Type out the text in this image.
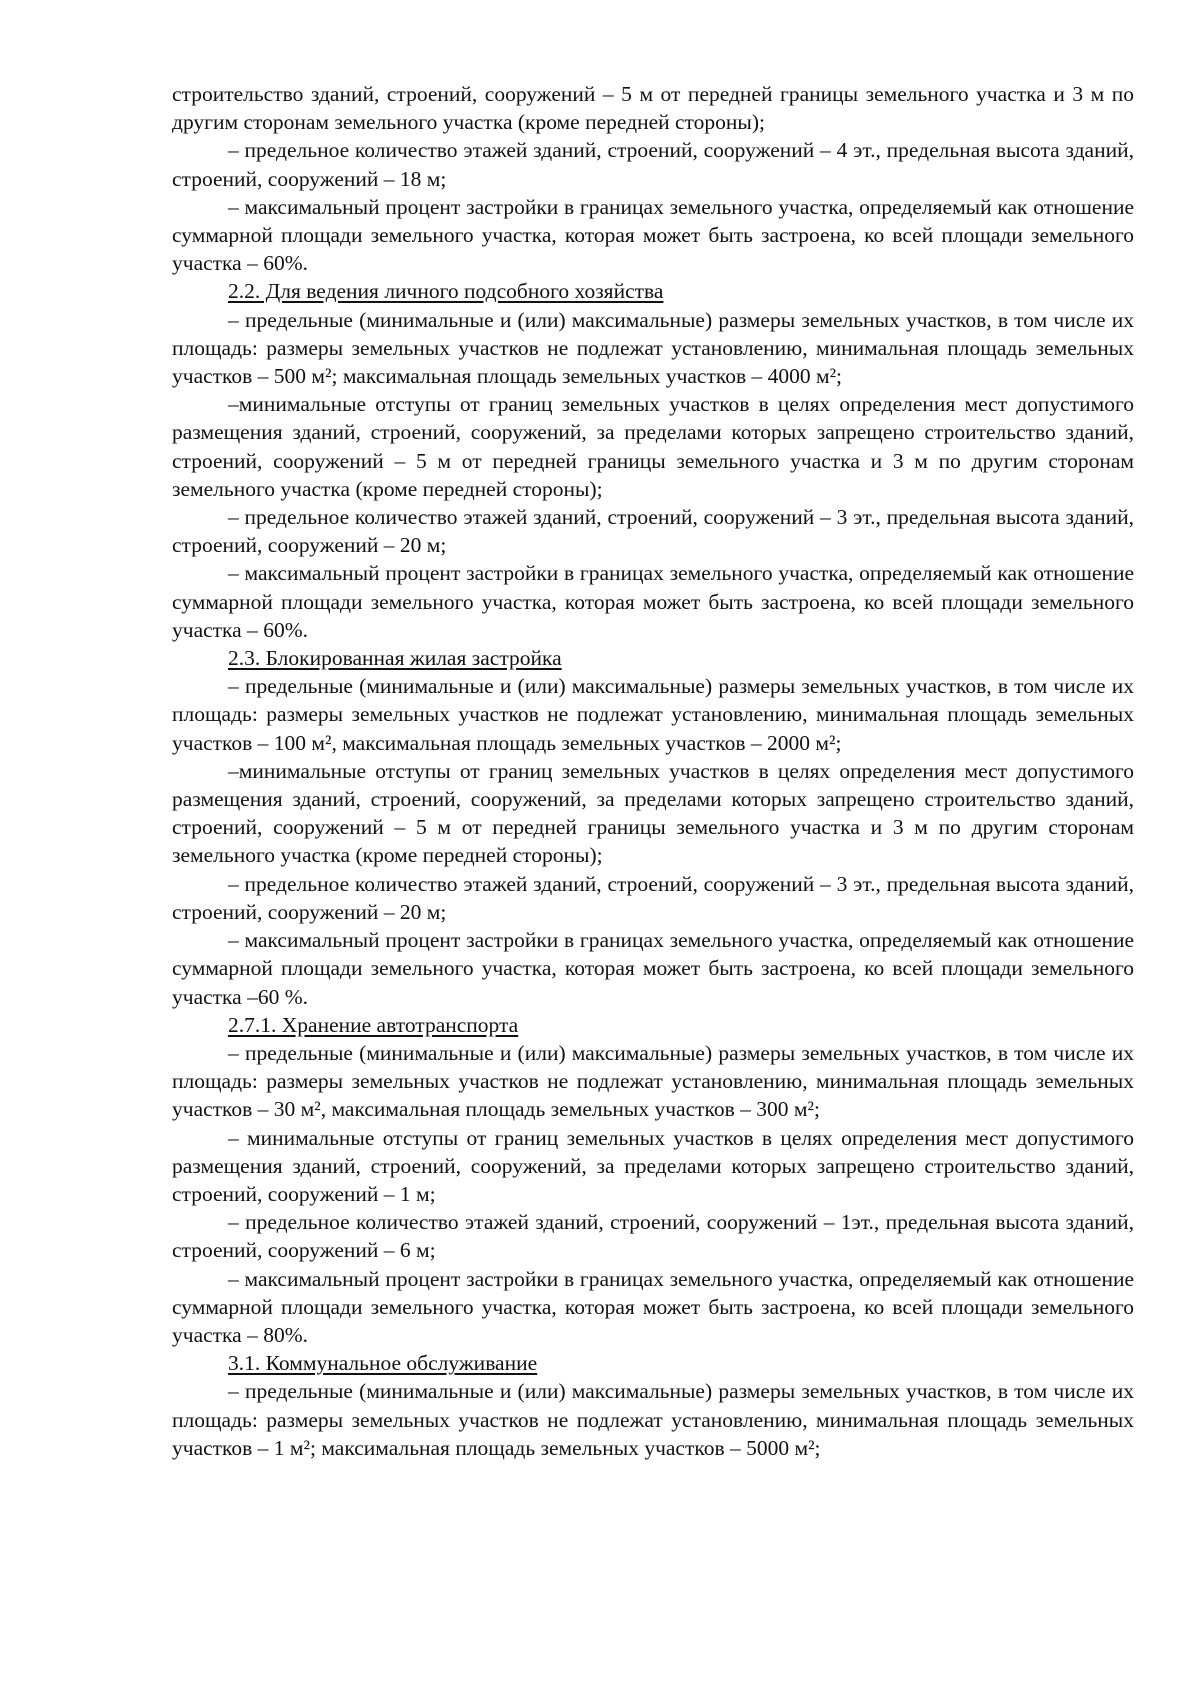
строительство зданий, строений, сооружений – 5 м от передней границы земельного участка и 3 м по другим сторонам земельного участка (кроме передней стороны);

– предельное количество этажей зданий, строений, сооружений – 4 эт., предельная высота зданий, строений, сооружений – 18 м;

– максимальный процент застройки в границах земельного участка, определяемый как отношение суммарной площади земельного участка, которая может быть застроена, ко всей площади земельного участка – 60%.

2.2. Для ведения личного подсобного хозяйства

– предельные (минимальные и (или) максимальные) размеры земельных участков, в том числе их площадь: размеры земельных участков не подлежат установлению, минимальная площадь земельных участков – 500 м²; максимальная площадь земельных участков – 4000 м²;

–минимальные отступы от границ земельных участков в целях определения мест допустимого размещения зданий, строений, сооружений, за пределами которых запрещено строительство зданий, строений, сооружений – 5 м от передней границы земельного участка и 3 м по другим сторонам земельного участка (кроме передней стороны);

– предельное количество этажей зданий, строений, сооружений – 3 эт., предельная высота зданий, строений, сооружений – 20 м;

– максимальный процент застройки в границах земельного участка, определяемый как отношение суммарной площади земельного участка, которая может быть застроена, ко всей площади земельного участка – 60%.

2.3. Блокированная жилая застройка

– предельные (минимальные и (или) максимальные) размеры земельных участков, в том числе их площадь: размеры земельных участков не подлежат установлению, минимальная площадь земельных участков – 100 м², максимальная площадь земельных участков – 2000 м²;

–минимальные отступы от границ земельных участков в целях определения мест допустимого размещения зданий, строений, сооружений, за пределами которых запрещено строительство зданий, строений, сооружений – 5 м от передней границы земельного участка и 3 м по другим сторонам земельного участка (кроме передней стороны);

– предельное количество этажей зданий, строений, сооружений – 3 эт., предельная высота зданий, строений, сооружений – 20 м;

– максимальный процент застройки в границах земельного участка, определяемый как отношение суммарной площади земельного участка, которая может быть застроена, ко всей площади земельного участка –60 %.

2.7.1. Хранение автотранспорта

– предельные (минимальные и (или) максимальные) размеры земельных участков, в том числе их площадь: размеры земельных участков не подлежат установлению, минимальная площадь земельных участков – 30 м², максимальная площадь земельных участков – 300 м²;

– минимальные отступы от границ земельных участков в целях определения мест допустимого размещения зданий, строений, сооружений, за пределами которых запрещено строительство зданий, строений, сооружений – 1 м;

– предельное количество этажей зданий, строений, сооружений – 1эт., предельная высота зданий, строений, сооружений – 6 м;

– максимальный процент застройки в границах земельного участка, определяемый как отношение суммарной площади земельного участка, которая может быть застроена, ко всей площади земельного участка – 80%.

3.1. Коммунальное обслуживание

– предельные (минимальные и (или) максимальные) размеры земельных участков, в том числе их площадь: размеры земельных участков не подлежат установлению, минимальная площадь земельных участков – 1 м²; максимальная площадь земельных участков – 5000 м²;
